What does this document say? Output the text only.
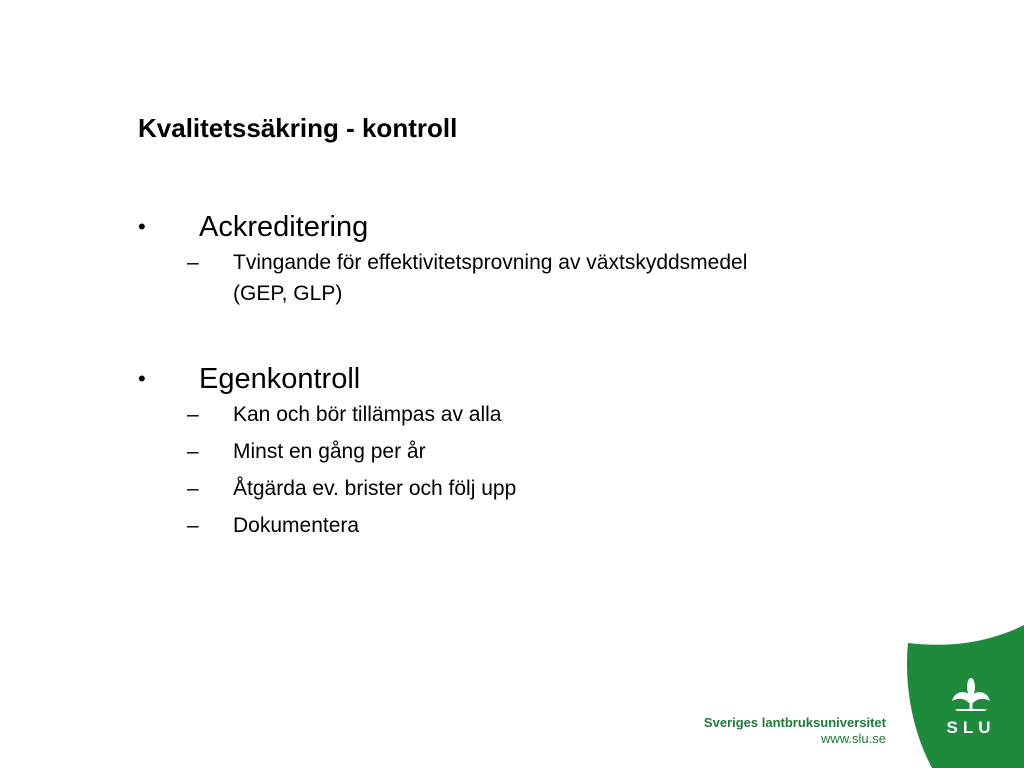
Kvalitetssäkring - kontroll
•	Ackreditering
– Tvingande för effektivitetsprovning av växtskyddsmedel (GEP, GLP)
•	Egenkontroll
– Kan och bör tillämpas av alla
– Minst en gång per år
– Åtgärda ev. brister och följ upp
– Dokumentera
Sveriges lantbruksuniversitet
www.slu.se
SLU
